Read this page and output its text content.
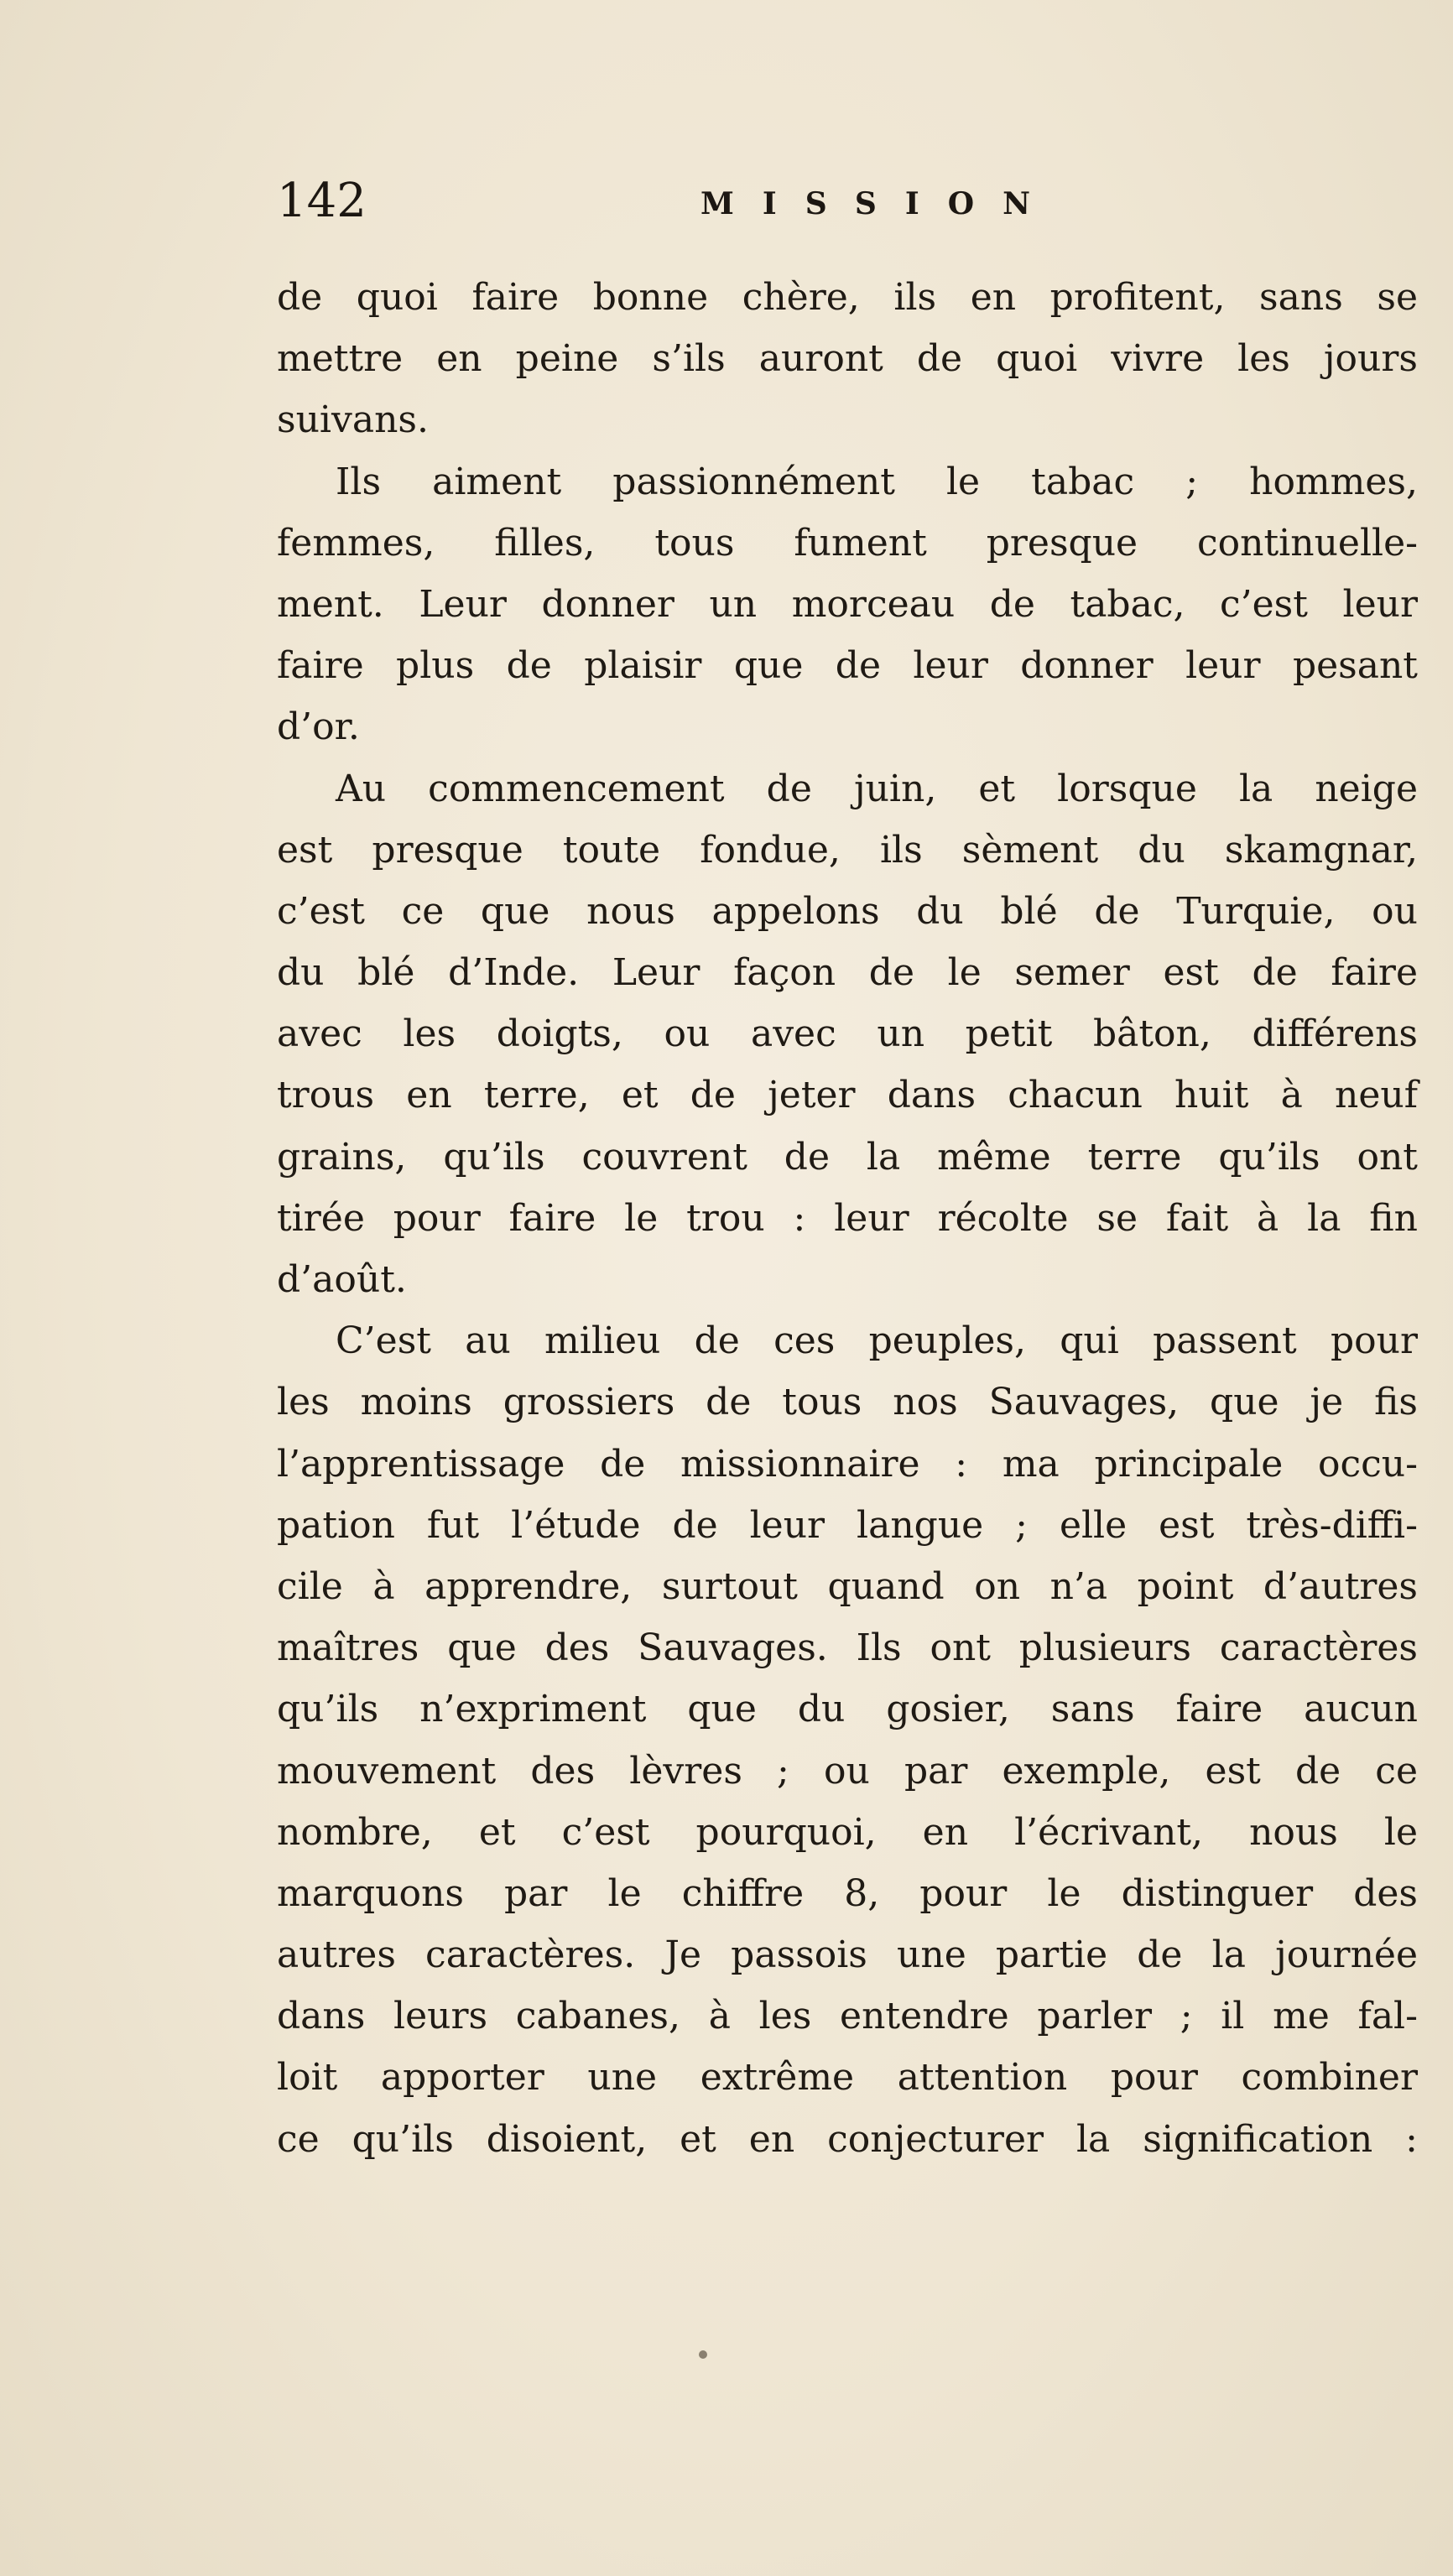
142	MISSION

de quoi faire bonne chère, ils en profitent, sans se
mettre en peine s’ils auront de quoi vivre les jours
suivans.

Ils aiment passionnément le tabac ; hommes,
femmes, filles, tous fument presque continuelle-
ment. Leur donner un morceau de tabac, c’est leur
faire plus de plaisir que de leur donner leur pesant
d’or.

Au commencement de juin, et lorsque la neige
est presque toute fondue, ils sèment du skamgnar,
c’est ce que nous appelons du blé de Turquie, ou
du blé d’Inde. Leur façon de le semer est de faire
avec les doigts, ou avec un petit bâton, différens
trous en terre, et de jeter dans chacun huit à neuf
grains, qu’ils couvrent de la même terre qu’ils ont
tirée pour faire le trou : leur récolte se fait à la fin
d’août.

C’est au milieu de ces peuples, qui passent pour
les moins grossiers de tous nos Sauvages, que je fis
l’apprentissage de missionnaire : ma principale occu-
pation fut l’étude de leur langue ; elle est très-diffi-
cile à apprendre, surtout quand on n’a point d’autres
maîtres que des Sauvages. Ils ont plusieurs caractères
qu’ils n’expriment que du gosier, sans faire aucun
mouvement des lèvres ; ou par exemple, est de ce
nombre, et c’est pourquoi, en l’écrivant, nous le
marquons par le chiffre 8, pour le distinguer des
autres caractères. Je passois une partie de la journée
dans leurs cabanes, à les entendre parler ; il me fal-
loit apporter une extrême attention pour combiner
ce qu’ils disoient, et en conjecturer la signification :
